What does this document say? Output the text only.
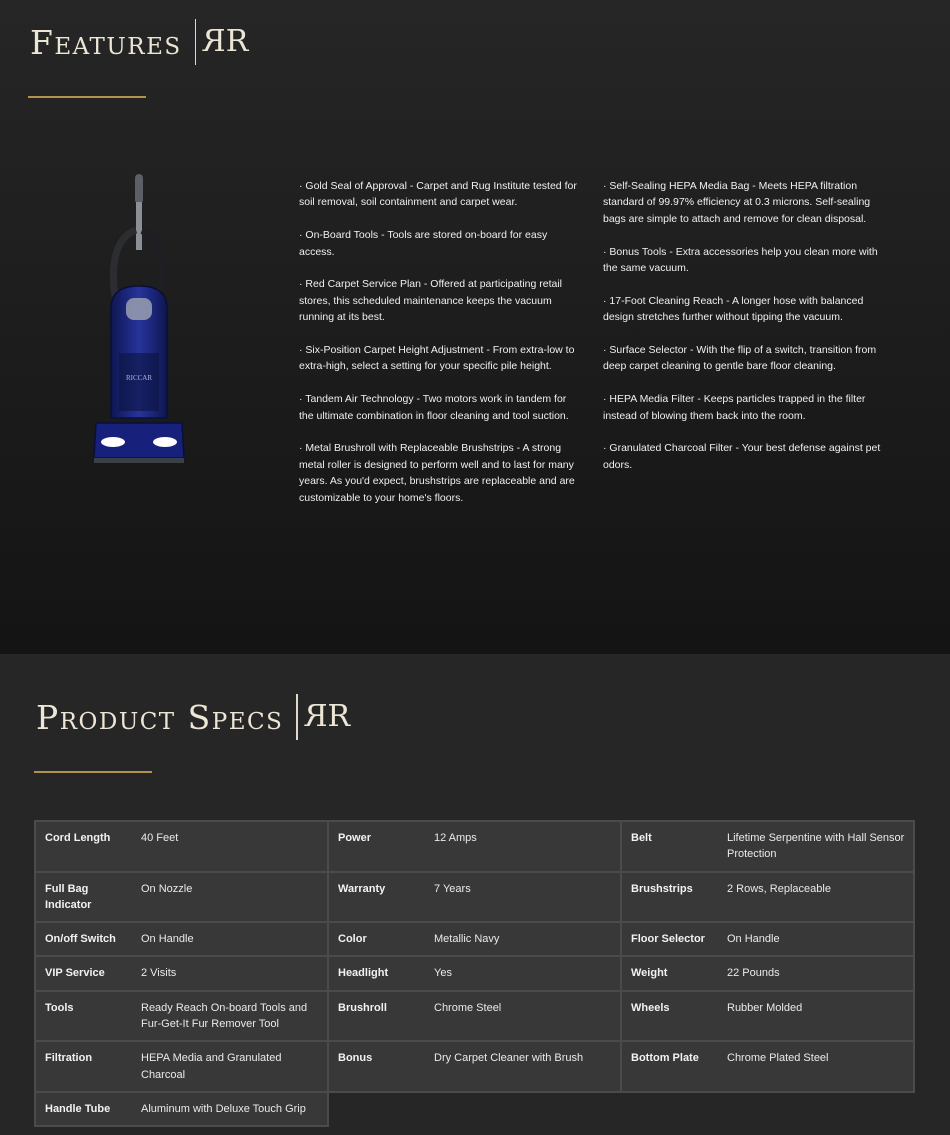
Features R R
RICCAR

· Gold Seal of Approval - Carpet and Rug Institute tested for soil removal, soil containment and carpet wear.

· On-Board Tools - Tools are stored on-board for easy access.

· Red Carpet Service Plan - Offered at participating retail stores, this scheduled maintenance keeps the vacuum running at its best.

· Six-Position Carpet Height Adjustment - From extra-low to extra-high, select a setting for your specific pile height.

· Tandem Air Technology - Two motors work in tandem for the ultimate combination in floor cleaning and tool suction.

· Metal Brushroll with Replaceable Brushstrips - A strong metal roller is designed to perform well and to last for many years. As you'd expect, brushstrips are replaceable and are customizable to your home's floors.

· Self-Sealing HEPA Media Bag - Meets HEPA filtration standard of 99.97% efficiency at 0.3 microns. Self-sealing bags are simple to attach and remove for clean disposal.

· Bonus Tools - Extra accessories help you clean more with the same vacuum.

· 17-Foot Cleaning Reach - A longer hose with balanced design stretches further without tipping the vacuum.

· Surface Selector - With the flip of a switch, transition from deep carpet cleaning to gentle bare floor cleaning.

· HEPA Media Filter - Keeps particles trapped in the filter instead of blowing them back into the room.

· Granulated Charcoal Filter - Your best defense against pet odors.

Product Specs R R
Cord Length	40 Feet	Power	12 Amps	Belt	Lifetime Serpentine with Hall Sensor Protection
Full Bag Indicator	On Nozzle	Warranty	7 Years	Brushstrips	2 Rows, Replaceable
On/off Switch	On Handle	Color	Metallic Navy	Floor Selector	On Handle
VIP Service	2 Visits	Headlight	Yes	Weight	22 Pounds
Tools	Ready Reach On-board Tools and Fur-Get-It Fur Remover Tool	Brushroll	Chrome Steel	Wheels	Rubber Molded
Filtration	HEPA Media and Granulated Charcoal	Bonus	Dry Carpet Cleaner with Brush	Bottom Plate	Chrome Plated Steel
Handle Tube	Aluminum with Deluxe Touch Grip				
